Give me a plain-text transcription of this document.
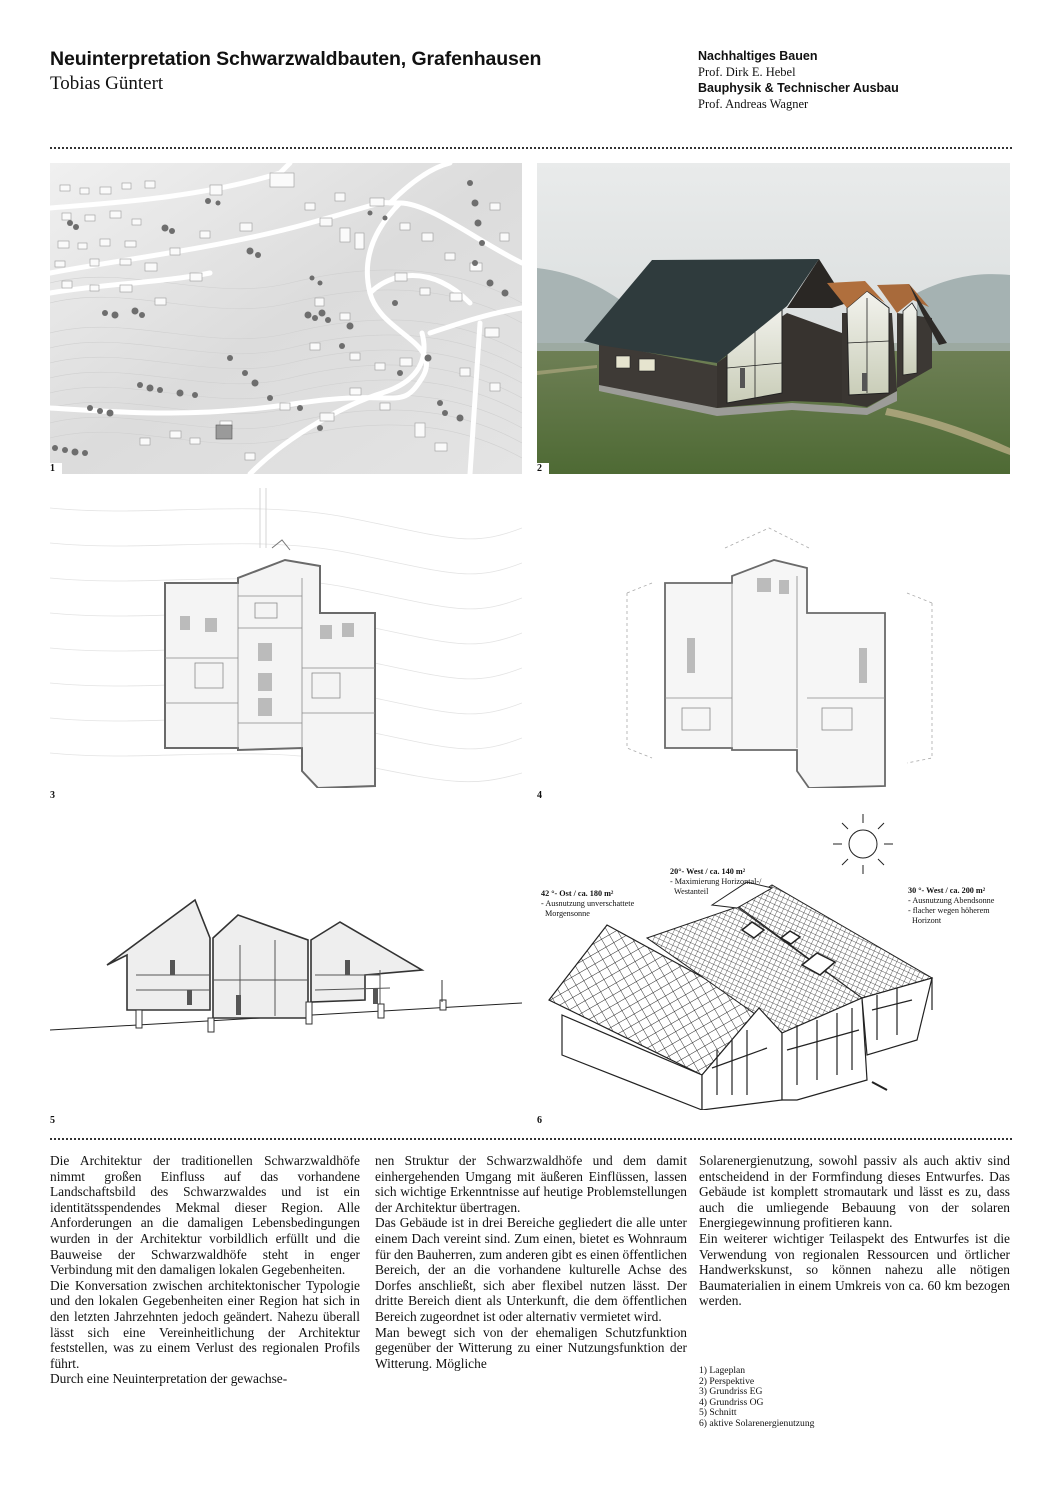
Neuinterpretation Schwarzwaldbauten, Grafenhausen
Tobias Güntert
Nachhaltiges Bauen
Prof. Dirk E. Hebel
Bauphysik & Technischer Ausbau
Prof. Andreas Wagner
1	2
3	4
5
42 °- Ost / ca. 180 m²
- Ausnutzung unverschattete
Morgensonne
20°- West / ca. 140 m²
- Maximierung Horizontal-/
Westanteil	30 °- West / ca. 200 m²
- Ausnutzung Abendsonne
- flacher wegen höherem
Horizont
6

Die Architektur der traditionellen Schwarzwaldhöfe nimmt großen Einfluss auf das vorhandene Landschaftsbild des Schwarzwaldes und ist ein identitätsspendendes Mekmal dieser Region. Alle Anforderungen an die damaligen Lebensbedingungen wurden in der Architektur vorbildlich erfüllt und die Bauweise der Schwarzwaldhöfe steht in enger Verbindung mit den damaligen lokalen Gegebenheiten.

Die Konversation zwischen architektonischer Typologie und den lokalen Gegebenheiten einer Region hat sich in den letzten Jahrzehnten jedoch geändert. Nahezu überall lässt sich eine Vereinheitlichung der Architektur feststellen, was zu einem Verlust des regionalen Profils führt.

Durch eine Neuinterpretation der gewachse-

nen Struktur der Schwarzwaldhöfe und dem damit einhergehenden Umgang mit äußeren Einflüssen, lassen sich wichtige Erkenntnisse auf heutige Problemstellungen der Architektur übertragen.

Das Gebäude ist in drei Bereiche gegliedert die alle unter einem Dach vereint sind. Zum einen, bietet es Wohnraum für den Bauherren, zum anderen gibt es einen öffentlichen Bereich, der an die vorhandene kulturelle Achse des Dorfes anschließt, sich aber flexibel nutzen lässt. Der dritte Bereich dient als Unterkunft, die dem öffentlichen Bereich zugeordnet ist oder alternativ vermietet wird.

Man bewegt sich von der ehemaligen Schutzfunktion gegenüber der Witterung zu einer Nutzungsfunktion der Witterung. Mögliche

Solarenergienutzung, sowohl passiv als auch aktiv sind entscheidend in der Formfindung dieses Entwurfes. Das Gebäude ist komplett stromautark und lässt es zu, dass auch die umliegende Bebauung von der solaren Energiegewinnung profitieren kann.

Ein weiterer wichtiger Teilaspekt des Entwurfes ist die Verwendung von regionalen Ressourcen und örtlicher Handwerkskunst, so können nahezu alle nötigen Baumaterialien in einem Umkreis von ca. 60 km bezogen werden.

1) Lageplan
2) Perspektive
3) Grundriss EG
4) Grundriss OG
5) Schnitt
6) aktive Solarenergienutzung
